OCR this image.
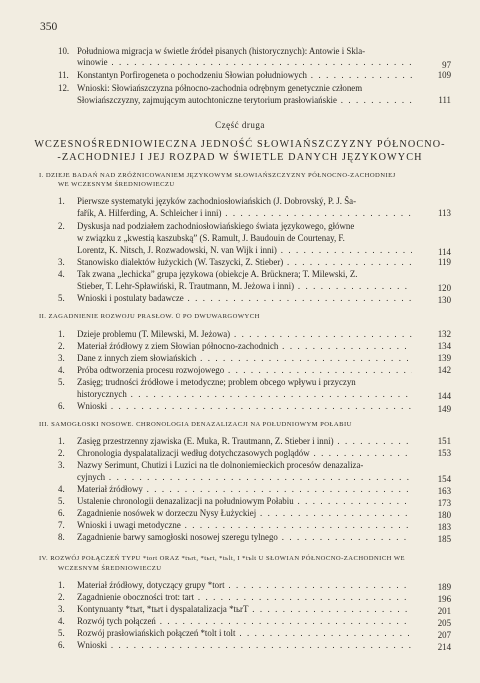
350
10. Południowa migracja w świetle źródeł pisanych (historycznych): Antowie i Skla-
winowie . . .	97
11. Konstantyn Porfirogeneta o pochodzeniu Słowian południowych . . .	109
12. Wnioski: Słowiańszczyzna północno-zachodnia odrębnym genetycznie członem
Słowiańszczyzny, zajmującym autochtoniczne terytorium prasłowiańskie . . .	111
Część druga
WCZESNOŚREDNIOWIECZNA JEDNOŚĆ SŁOWIAŃSZCZYZNY PÓŁNOCNO-
-ZACHODNIEJ I JEJ ROZPAD W ŚWIETLE DANYCH JĘZYKOWYCH
I. DZIEJE BADAŃ NAD ZRÓŻNICOWANIEM JĘZYKOWYM SŁOWIAŃSZCZYZNY PÓŁNOCNO-ZACHODNIEJ
WE WCZESNYM ŚREDNIOWIECZU
1. Pierwsze systematyki języków zachodniosłowiańskich (J. Dobrovský, P. J. Ša-
fařík, A. Hilferding, A. Schleicher i inni) . . .	113
2. Dyskusja nad podziałem zachodniosłowiańskiego świata językowego, główne
w związku z „kwestią kaszubską” (S. Ramult, J. Baudouin de Courtenay, F.
Lorentz, K. Nitsch, J. Rozwadowski, N. van Wijk i inni) . . .	114
3. Stanowisko dialektów łużyckich (W. Taszycki, Z. Stieber) . . .	119
4. Tak zwana „lechicka” grupa językowa (obiekcje A. Brücknera; T. Milewski, Z.
Stieber, T. Lehr-Spławiński, R. Trautmann, M. Jeżowa i inni) . . .	120
5. Wnioski i postulaty badawcze . . .	130
II. ZAGADNIENIE ROZWOJU PRASŁOW. Ū PO DWUWARGOWYCH
1. Dzieje problemu (T. Milewski, M. Jeżowa) . . .	132
2. Materiał źródłowy z ziem Słowian północno-zachodnich . . .	134
3. Dane z innych ziem słowiańskich . . .	139
4. Próba odtworzenia procesu rozwojowego . . .	142
5. Zasięg; trudności źródłowe i metodyczne; problem obcego wpływu i przyczyn
historycznych . . .	144
6. Wnioski . . .	149
III. SAMOGŁOSKI NOSOWE. CHRONOLOGIA DENAZALIZACJI NA POŁUDNIOWYM POŁABIU
1. Zasięg przestrzenny zjawiska (E. Muka, R. Trautmann, Z. Stieber i inni) . . .	151
2. Chronologia dyspalatalizacji według dotychczasowych poglądów . . .	153
3. Nazwy Serimunt, Chutizi i Luzici na tle dolnoniemieckich procesów denazaliza-
cyjnych . . .	154
4. Materiał źródłowy . . .	163
5. Ustalenie chronologii denazalizacji na południowym Połabiu . . .	173
6. Zagadnienie nosówek w dorzeczu Nysy Łużyckiej . . .	180
7. Wnioski i uwagi metodyczne . . .	183
8. Zagadnienie barwy samogłoski nosowej szeregu tylnego . . .	185
IV. ROZWÓJ POŁĄCZEŃ TYPU *tort ORAZ *tъrt, *tьrt, *tьlt, I *tъlt U SŁOWIAN PÓŁNOCNO-ZACHODNICH WE
WCZESNYM ŚREDNIOWIECZU
1. Materiał źródłowy, dotyczący grupy *tort . . .	189
2. Zagadnienie oboczności trot: tart . . .	196
3. Kontynuanty *tъrt, *tьrt i dyspalatalizacja *tьrT . . .	201
4. Rozwój tych połączeń . . .	205
5. Rozwój prasłowiańskich połączeń *tolt i tolt . . .	207
6. Wnioski . . .	214
